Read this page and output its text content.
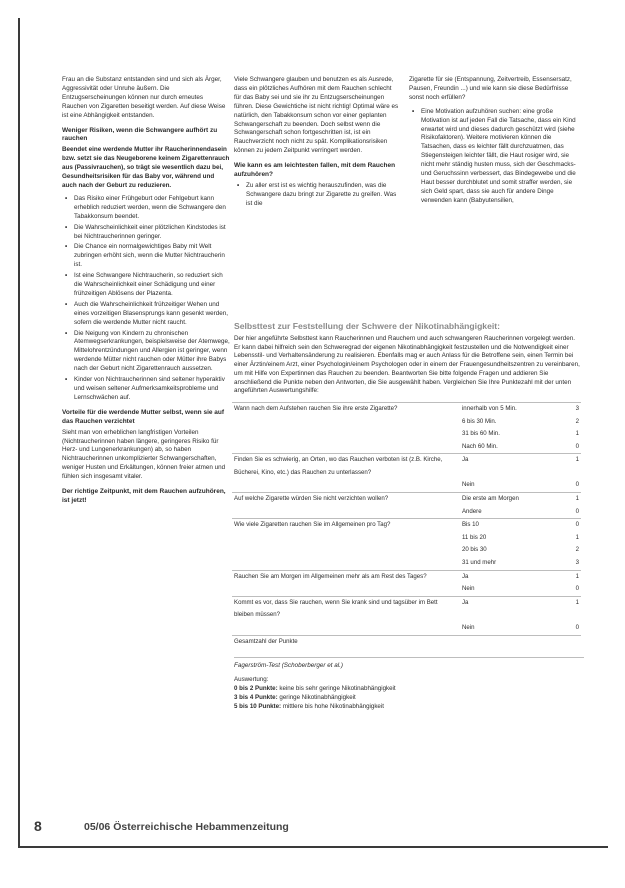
Frau an die Substanz entstanden sind und sich als Ärger, Aggressivität oder Unruhe äußern. Die Entzugserscheinungen können nur durch erneutes Rauchen von Zigaretten beseitigt werden. Auf diese Weise ist eine Abhängigkeit entstanden.

Weniger Risiken, wenn die Schwangere aufhört zu rauchen

Beendet eine werdende Mutter ihr Raucherinnendasein bzw. setzt sie das Neugeborene keinem Zigarettenrauch aus (Passivrauchen), so trägt sie wesentlich dazu bei, Gesundheitsrisiken für das Baby vor, während und auch nach der Geburt zu reduzieren.

• Das Risiko einer Frühgeburt oder Fehlgeburt kann erheblich reduziert werden, wenn die Schwangere den Tabakkonsum beendet.
• Die Wahrscheinlichkeit einer plötzlichen Kindstodes ist bei Nichtraucherinnen geringer.
• Die Chance ein normalgewichtiges Baby mit Welt zubringen erhöht sich, wenn die Mutter Nichtraucherin ist.
• Ist eine Schwangere Nichtraucherin, so reduziert sich die Wahrscheinlichkeit einer Schädigung und einer frühzeitigen Ablösens der Plazenta.
• Auch die Wahrscheinlichkeit frühzeitiger Wehen und eines vorzeitigen Blasensprungs kann gesenkt werden, sofern die werdende Mutter nicht raucht.
• Die Neigung von Kindern zu chronischen Atemwegserkrankungen, beispielsweise der Atemwege, Mittelohrentzündungen und Allergien ist geringer, wenn werdende Mütter nicht rauchen oder Mütter ihre Babys nach der Geburt nicht Zigarettenrauch aussetzen.
• Kinder von Nichtraucherinnen sind seltener hyperaktiv und weisen seltener Aufmerksamkeitsprobleme und Lernschwächen auf.
Vorteile für die werdende Mutter selbst, wenn sie auf das Rauchen verzichtet

Sieht man von erheblichen langfristigen Vorteilen (Nichtraucherinnen haben längere, geringeres Risiko für Herz- und Lungenerkrankungen) ab, so haben Nichtraucherinnen unkomplizierter Schwangerschaften, weniger Husten und Erkältungen, können freier atmen und fühlen sich insgesamt vitaler.

Der richtige Zeitpunkt, mit dem Rauchen aufzuhören, ist jetzt!

Viele Schwangere glauben und benutzen es als Ausrede, dass ein plötzliches Aufhören mit dem Rauchen schlecht für das Baby sei und sie ihr zu Entzugserscheinungen führen. Diese Gewichtiche ist nicht richtig! Optimal wäre es natürlich, den Tabakkonsum schon vor einer geplanten Schwangerschaft zu beenden. Doch selbst wenn die Schwangerschaft schon fortgeschritten ist, ist ein Rauchverzicht noch nicht zu spät. Komplikationsrisiken können zu jedem Zeitpunkt verringert werden.

Wie kann es am leichtesten fallen, mit dem Rauchen aufzuhören?
• Zu aller erst ist es wichtig herauszufinden, was die Schwangere dazu bringt zur Zigarette zu greifen. Was ist die

Zigarette für sie (Entspannung, Zeitvertreib, Essensersatz, Pausen, Freundin ...) und wie kann sie diese Bedürfnisse sonst noch erfüllen?

• Eine Motivation aufzuhören suchen: eine große Motivation ist auf jeden Fall die Tatsache, dass ein Kind erwartet wird und dieses dadurch geschützt wird (siehe Risikofaktoren). Weitere motivieren können die Tatsachen, dass es leichter fällt durchzuatmen, das Stiegensteigen leichter fällt, die Haut rosiger wird, sie nicht mehr ständig husten muss, sich der Geschmacks- und Geruchssinn verbessert, das Bindegewebe und die Haut besser durchblutet und somit straffer werden, sie sich Geld spart, dass sie auch für andere Dinge verwenden kann (Babyutensilien,
Selbsttest zur Feststellung der Schwere der Nikotinabhängigkeit:
Der hier angeführte Selbsttest kann Raucherinnen und Rauchern und auch schwangeren Raucherinnen vorgelegt werden. Er kann dabei hilfreich sein den Schweregrad der eigenen Nikotinabhängigkeit festzustellen und die Notwendigkeit einer Lebensstil- und Verhaltensänderung zu realisieren. Ebenfalls mag er auch Anlass für die Betroffene sein, einen Termin bei einer Ärztin/einem Arzt, einer Psychologin/einem Psychologen oder in einem der Frauengesundheitszentren zu vereinbaren, um mit Hilfe von Expertinnen das Rauchen zu beenden. Beantworten Sie bitte folgende Fragen und addieren Sie anschließend die Punkte neben den Antworten, die Sie ausgewählt haben. Vergleichen Sie Ihre Punktezahl mit der unten angeführten Auswertungshilfe:
Wann nach dem Aufstehen rauchen Sie ihre erste Zigarette?	innerhalb von 5 Min.	3
	6 bis 30 Min.	2
	31 bis 60 Min.	1
	Nach 60 Min.	0
Finden Sie es schwierig, an Orten, wo das Rauchen verboten ist (z.B. Kirche, Bücherei, Kino, etc.) das Rauchen zu unterlassen?	Ja	1
	Nein	0
Auf welche Zigarette würden Sie nicht verzichten wollen?	Die erste am Morgen	1
	Andere	0
Wie viele Zigaretten rauchen Sie im Allgemeinen pro Tag?	Bis 10	0
	11 bis 20	1
	20 bis 30	2
	31 und mehr	3
Rauchen Sie am Morgen im Allgemeinen mehr als am Rest des Tages?	Ja	1
	Nein	0
Kommt es vor, dass Sie rauchen, wenn Sie krank sind und tagsüber im Bett bleiben müssen?	Ja	1
	Nein	0
Gesamtzahl der Punkte		
Fagerström-Test (Schoberberger et al.)
Auswertung:
0 bis 2 Punkte: keine bis sehr geringe Nikotinabhängigkeit
3 bis 4 Punkte: geringe Nikotinabhängigkeit
5 bis 10 Punkte: mittlere bis hohe Nikotinabhängigkeit
8	05/06 Österreichische Hebammenzeitung
